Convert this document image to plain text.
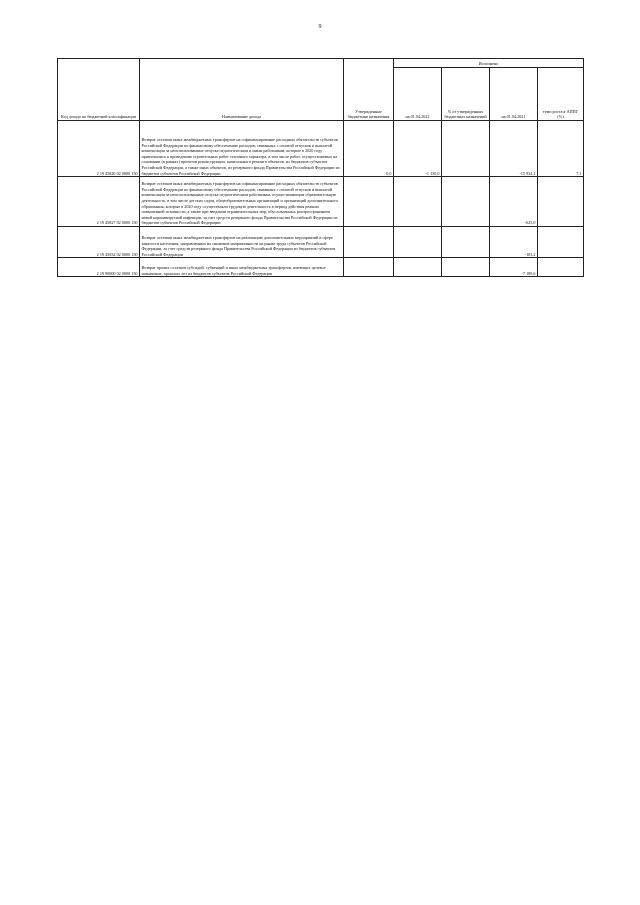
9
Код дохода по бюджетной классификации	Наименование дохода	Утвержденные бюджетные назначения	Исполнено			
			на 01.04.2022	% от утвержденных бюджетных назначений	на 01.04.2021	темп роста к АППГ (%)
2 19 45820 02 0000 150	Возврат остатков иных межбюджетных трансфертов на софинансирование расходных обязательств субъектов Российской Федерации по финансовому обеспечению расходов, связанных с оплатой отпусков и выплатой компенсации за неиспользованные отпуска педагогическим и иным работникам, которые в 2020 году привлекались к проведению строительных работ сезонного характера, в том числе работ, осуществляемых на основании (в рамках) проектов реконструкции, капитального ремонта объектов, из бюджетов субъектов Российской Федерации, а также иных объектов, из резервного фонда Правительства Российской Федерации из бюджетов субъектов Российской Федерации	0,0	-1 130,0		-15 934,1	7,1
2 19 45827 02 0000 150	Возврат остатков иных межбюджетных трансфертов на софинансирование расходных обязательств субъектов Российской Федерации по финансовому обеспечению расходов, связанных с оплатой отпусков и выплатой компенсации за неиспользованные отпуска педагогическим работникам, осуществляющим образовательную деятельность, в том числе детских садов, общеобразовательных организаций и организаций дополнительного образования, которые в 2020 году осуществляли трудовую деятельность в период действия режима повышенной готовности, а также при введении ограничительных мер, обусловленных распространением новой коронавирусной инфекции, за счет средств резервного фонда Правительства Российской Федерации из бюджетов субъектов Российской Федерации				-625,0	
2 19 45832 02 0000 150	Возврат остатков иных межбюджетных трансфертов на реализацию дополнительных мероприятий в сфере занятости населения, направленных на снижение напряженности на рынке труда субъектов Российской Федерации, за счет средств резервного фонда Правительства Российской Федерации из бюджетов субъектов Российской Федерации				-103,2	
2 19 90000 02 0000 150	Возврат прочих остатков субсидий, субвенций и иных межбюджетных трансфертов, имеющих целевое назначение, прошлых лет из бюджетов субъектов Российской Федерации				-7 189,6	
